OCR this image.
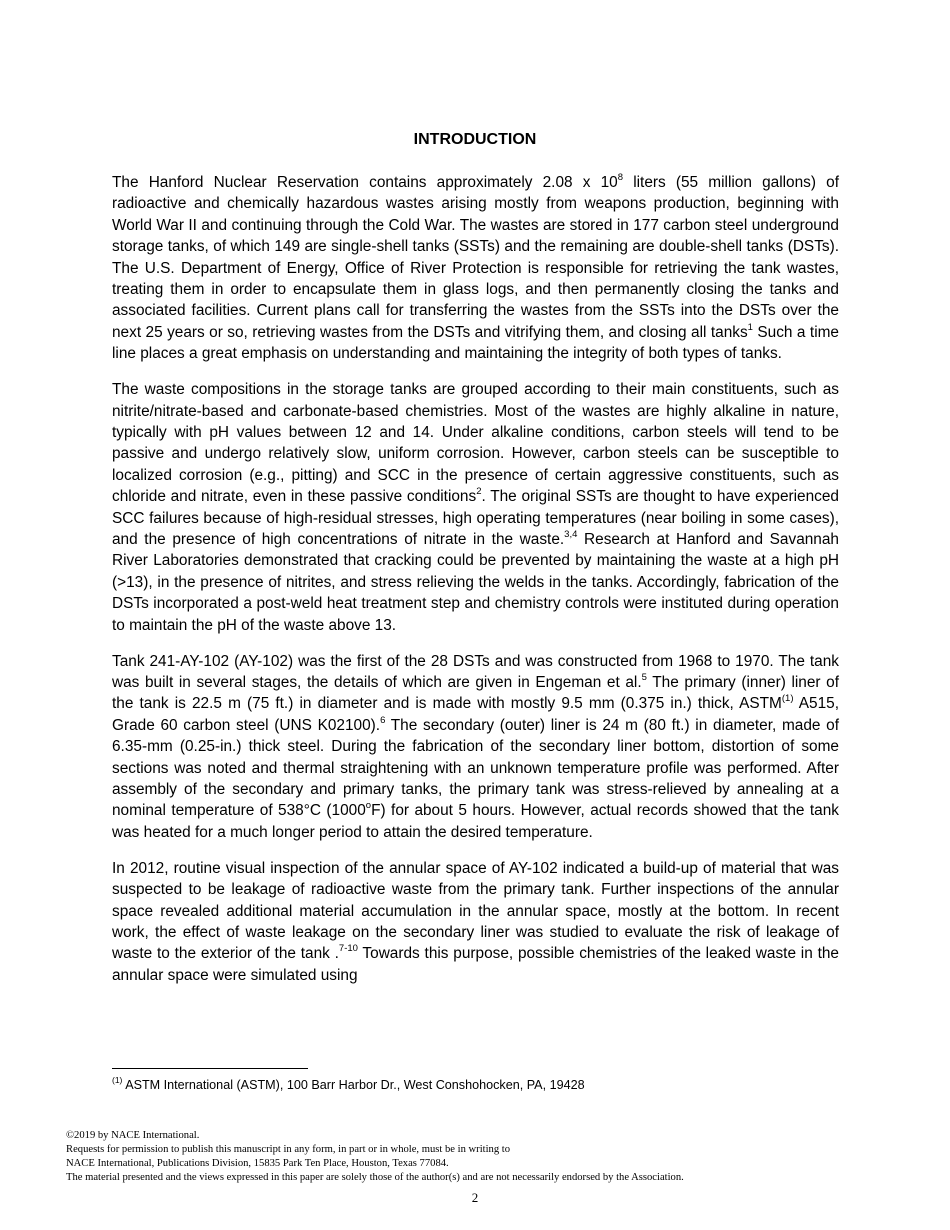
INTRODUCTION

The Hanford Nuclear Reservation contains approximately 2.08 x $10^8$ liters (55 million gallons) of radioactive and chemically hazardous wastes arising mostly from weapons production, beginning with World War II and continuing through the Cold War. The wastes are stored in 177 carbon steel underground storage tanks, of which 149 are single-shell tanks (SSTs) and the remaining are double-shell tanks (DSTs). The U.S. Department of Energy, Office of River Protection is responsible for retrieving the tank wastes, treating them in order to encapsulate them in glass logs, and then permanently closing the tanks and associated facilities. Current plans call for transferring the wastes from the SSTs into the DSTs over the next 25 years or so, retrieving wastes from the DSTs and vitrifying them, and closing all tanks$^1$ Such a time line places a great emphasis on understanding and maintaining the integrity of both types of tanks.

The waste compositions in the storage tanks are grouped according to their main constituents, such as nitrite/nitrate-based and carbonate-based chemistries. Most of the wastes are highly alkaline in nature, typically with pH values between 12 and 14. Under alkaline conditions, carbon steels will tend to be passive and undergo relatively slow, uniform corrosion. However, carbon steels can be susceptible to localized corrosion (e.g., pitting) and SCC in the presence of certain aggressive constituents, such as chloride and nitrate, even in these passive conditions$^2$. The original SSTs are thought to have experienced SCC failures because of high-residual stresses, high operating temperatures (near boiling in some cases), and the presence of high concentrations of nitrate in the waste.$^{3,4}$ Research at Hanford and Savannah River Laboratories demonstrated that cracking could be prevented by maintaining the waste at a high pH (>13), in the presence of nitrites, and stress relieving the welds in the tanks. Accordingly, fabrication of the DSTs incorporated a post-weld heat treatment step and chemistry controls were instituted during operation to maintain the pH of the waste above 13.

Tank 241-AY-102 (AY-102) was the first of the 28 DSTs and was constructed from 1968 to 1970. The tank was built in several stages, the details of which are given in Engeman et al.$^5$ The primary (inner) liner of the tank is 22.5 m (75 ft.) in diameter and is made with mostly 9.5 mm (0.375 in.) thick, ASTM$^{(1)}$ A515, Grade 60 carbon steel (UNS K02100).$^6$ The secondary (outer) liner is 24 m (80 ft.) in diameter, made of 6.35-mm (0.25-in.) thick steel. During the fabrication of the secondary liner bottom, distortion of some sections was noted and thermal straightening with an unknown temperature profile was performed. After assembly of the secondary and primary tanks, the primary tank was stress-relieved by annealing at a nominal temperature of 538°C (1000$^o$F) for about 5 hours. However, actual records showed that the tank was heated for a much longer period to attain the desired temperature.

In 2012, routine visual inspection of the annular space of AY-102 indicated a build-up of material that was suspected to be leakage of radioactive waste from the primary tank. Further inspections of the annular space revealed additional material accumulation in the annular space, mostly at the bottom. In recent work, the effect of waste leakage on the secondary liner was studied to evaluate the risk of leakage of waste to the exterior of the tank .$^{7-10}$ Towards this purpose, possible chemistries of the leaked waste in the annular space were simulated using

$^{(1)}$ ASTM International (ASTM), 100 Barr Harbor Dr., West Conshohocken, PA, 19428
©2019 by NACE International.
Requests for permission to publish this manuscript in any form, in part or in whole, must be in writing to
NACE International, Publications Division, 15835 Park Ten Place, Houston, Texas 77084.
The material presented and the views expressed in this paper are solely those of the author(s) and are not necessarily endorsed by the Association.
2
